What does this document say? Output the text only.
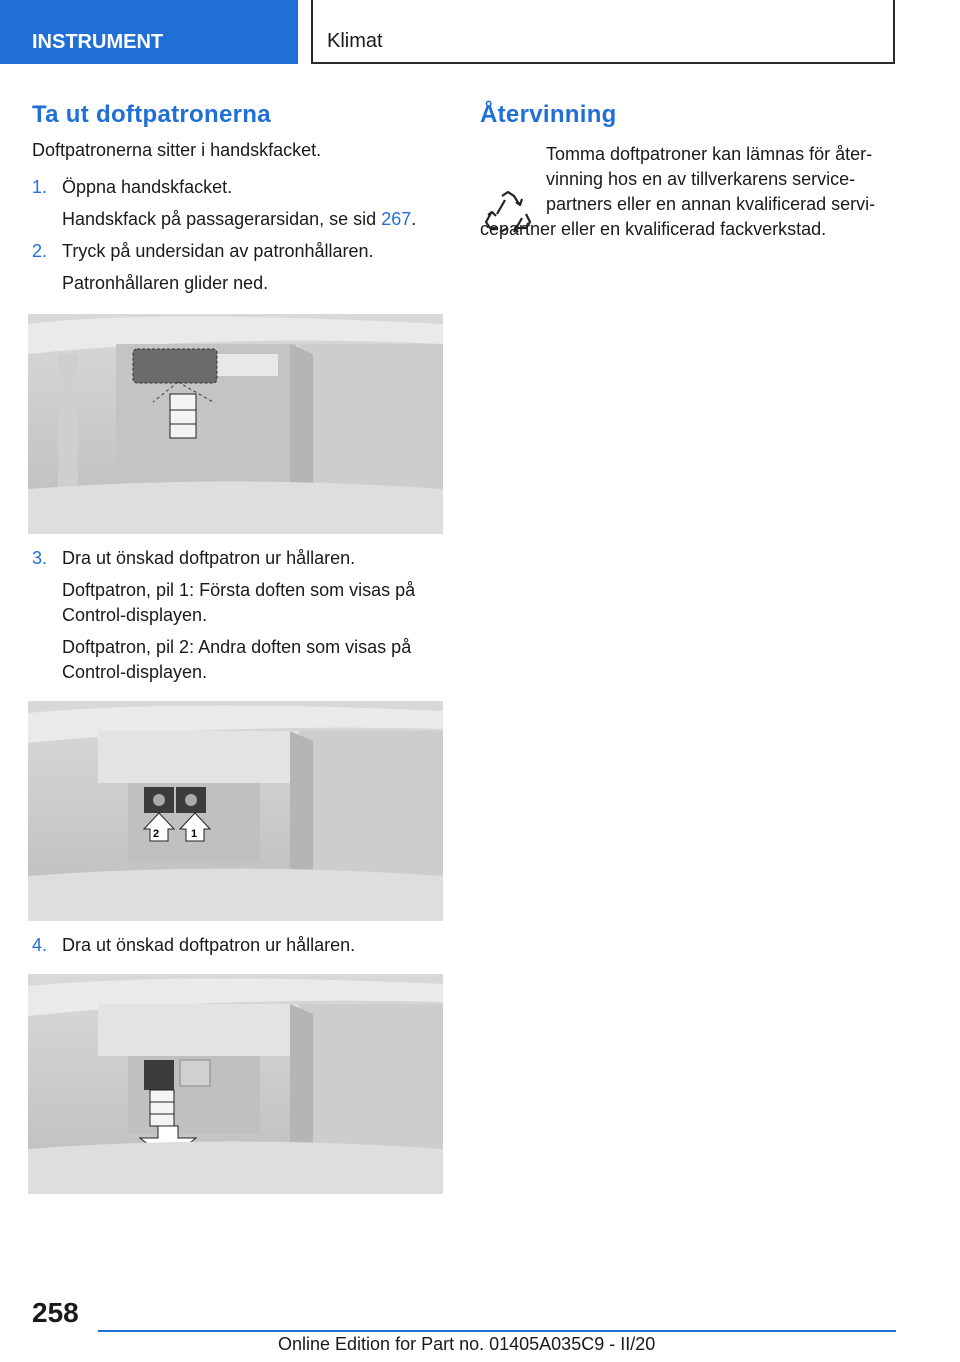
INSTRUMENT	Klimat
Ta ut doftpatronerna

Doftpatronerna sitter i handskfacket.

1. Öppna handskfacket.

Handskfack på passagerarsidan, se sid 267.

2. Tryck på undersidan av patronhållaren.

Patronhållaren glider ned.

3. Dra ut önskad doftpatron ur hållaren.

Doftpatron, pil 1: Första doften som visas på Control-displayen.

Doftpatron, pil 2: Andra doften som visas på Control-displayen.

2	1

4. Dra ut önskad doftpatron ur hållaren.

Återvinning

Tomma doftpatroner kan lämnas för åter-
vinning hos en av tillverkarens service-
partners eller en annan kvalificerad servi-
cepartner eller en kvalificerad fackverkstad.

258
Online Edition for Part no. 01405A035C9 - II/20
